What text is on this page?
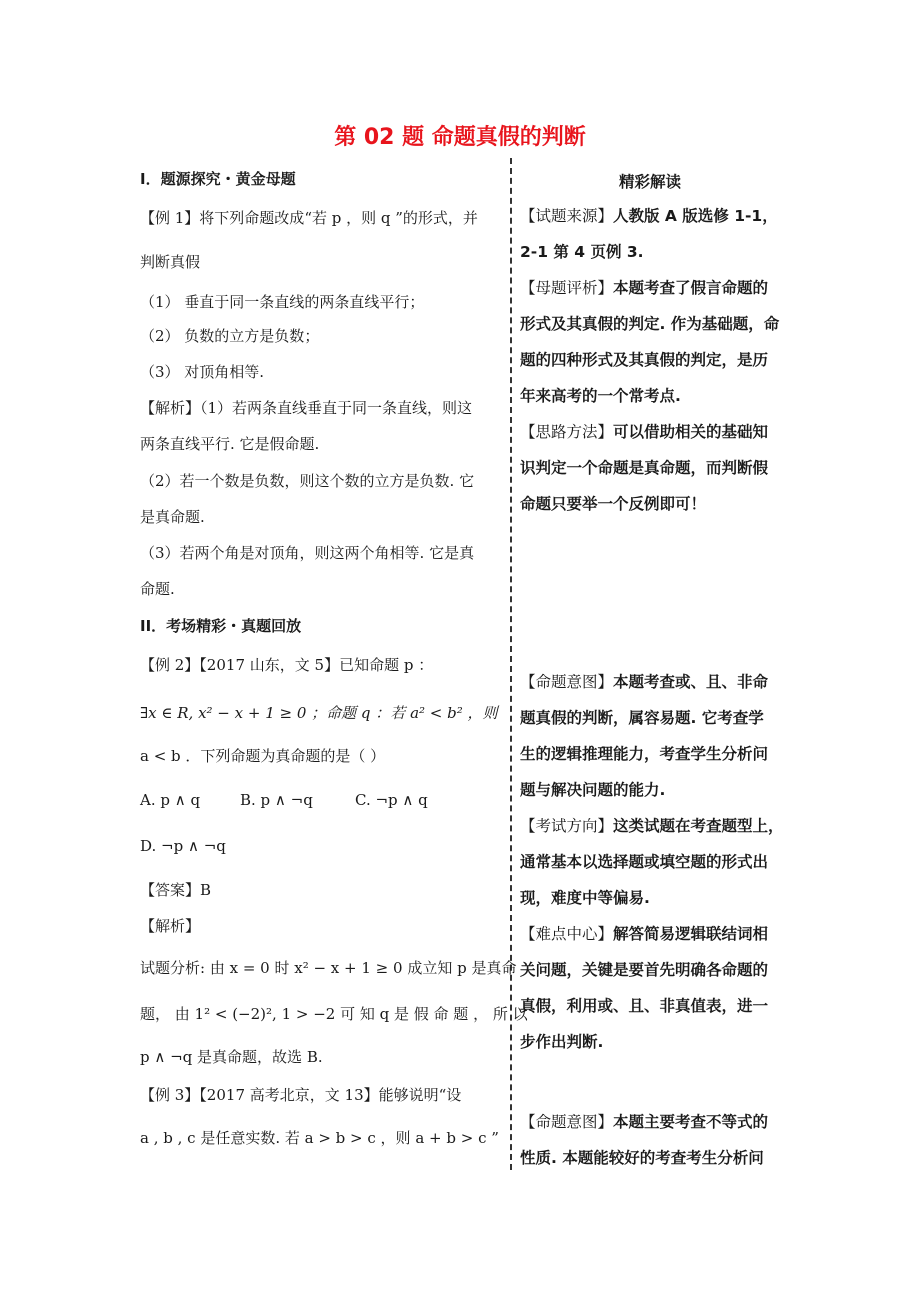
第 02 题 命题真假的判断
I．题源探究・黄金母题
【例 1】将下列命题改成“若 p ，则 q ”的形式，并
判断真假
（1） 垂直于同一条直线的两条直线平行；
（2） 负数的立方是负数；
（3） 对顶角相等.
【解析】（1）若两条直线垂直于同一条直线，则这
两条直线平行. 它是假命题.
（2）若一个数是负数，则这个数的立方是负数. 它
是真命题.
（3）若两个角是对顶角，则这两个角相等. 它是真
命题.
II．考场精彩・真题回放
【例 2】【2017 山东，文 5】已知命题 p ：
∃x ∈ R, x² − x + 1 ≥ 0 ；命题 q ：若 a² < b² ，则
a < b ．下列命题为真命题的是（ ）
A. p ∧ q	B. p ∧ ¬q	C. ¬p ∧ q
D. ¬p ∧ ¬q
【答案】B
【解析】
试题分析: 由 x = 0 时 x² − x + 1 ≥ 0 成立知 p 是真命
题， 由 1² < (−2)², 1 > −2 可 知 q 是 假 命 题 ， 所 以
p ∧ ¬q 是真命题，故选 B.
【例 3】【2017 高考北京，文 13】能够说明“设
a , b , c 是任意实数. 若 a > b > c ，则 a + b > c ”
精彩解读
【试题来源】人教版 A 版选修 1-1，
2-1 第 4 页例 3.
【母题评析】本题考查了假言命题的
形式及其真假的判定. 作为基础题，命
题的四种形式及其真假的判定，是历
年来高考的一个常考点.
【思路方法】可以借助相关的基础知
识判定一个命题是真命题，而判断假
命题只要举一个反例即可！
【命题意图】本题考查或、且、非命
题真假的判断，属容易题. 它考查学
生的逻辑推理能力，考查学生分析问
题与解决问题的能力.
【考试方向】这类试题在考查题型上，
通常基本以选择题或填空题的形式出
现，难度中等偏易.
【难点中心】解答简易逻辑联结词相
关问题，关键是要首先明确各命题的
真假，利用或、且、非真值表，进一
步作出判断.
【命题意图】本题主要考查不等式的
性质. 本题能较好的考查考生分析问
